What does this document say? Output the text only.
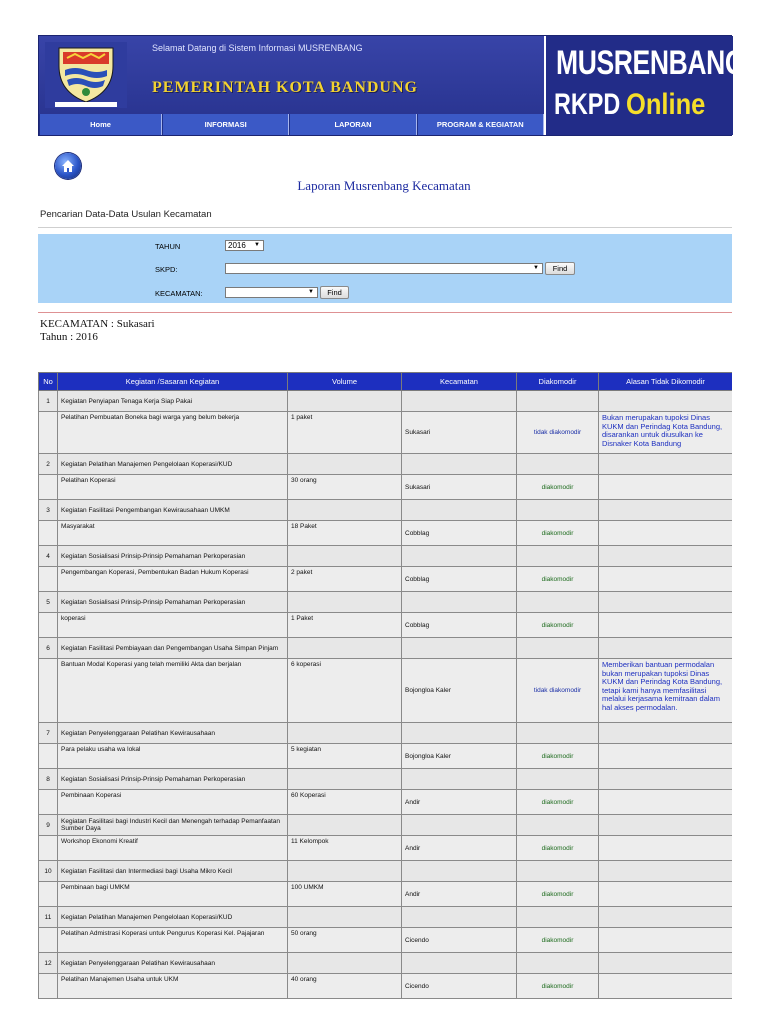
Selamat Datang di Sistem Informasi MUSRENBANG
PEMERINTAH KOTA BANDUNG
MUSRENBANG
RKPD Online
Home	INFORMASI	LAPORAN	PROGRAM & KEGIATAN
Laporan Musrenbang Kecamatan
Pencarian Data-Data Usulan Kecamatan
TAHUN	2016 ▼
SKPD:	▼	Find
KECAMATAN:	▼	Find
KECAMATAN : Sukasari
Tahun : 2016
No	Kegiatan /Sasaran Kegiatan	Volume	Kecamatan	Diakomodir	Alasan Tidak Dikomodir
1	Kegiatan Penyiapan Tenaga Kerja Siap Pakai				
	Pelatihan Pembuatan Boneka bagi warga yang belum bekerja	1 paket	Sukasari	tidak diakomodir	Bukan merupakan tupoksi Dinas KUKM dan Perindag Kota Bandung, disarankan untuk diusulkan ke Disnaker Kota Bandung
2	Kegiatan Pelatihan Manajemen Pengelolaan Koperasi/KUD				
	Pelatihan Koperasi	30 orang	Sukasari	diakomodir	
3	Kegiatan Fasilitasi Pengembangan Kewirausahaan UMKM				
	Masyarakat	18 Paket	Cobblag	diakomodir	
4	Kegiatan Sosialisasi Prinsip-Prinsip Pemahaman Perkoperasian				
	Pengembangan Koperasi, Pembentukan Badan Hukum Koperasi	2 paket	Cobblag	diakomodir	
5	Kegiatan Sosialisasi Prinsip-Prinsip Pemahaman Perkoperasian				
	koperasi	1 Paket	Cobblag	diakomodir	
6	Kegiatan Fasilitasi Pembiayaan dan Pengembangan Usaha Simpan Pinjam				
	Bantuan Modal Koperasi yang telah memiliki Akta dan berjalan	6 koperasi	Bojongloa Kaler	tidak diakomodir	Memberikan bantuan permodalan bukan merupakan tupoksi Dinas KUKM dan Perindag Kota Bandung, tetapi kami hanya memfasilitasi melalui kerjasama kemitraan dalam hal akses permodalan.
7	Kegiatan Penyelenggaraan Pelatihan Kewirausahaan				
	Para pelaku usaha wa lokal	5 kegiatan	Bojongloa Kaler	diakomodir	
8	Kegiatan Sosialisasi Prinsip-Prinsip Pemahaman Perkoperasian				
	Pembinaan Koperasi	60 Koperasi	Andir	diakomodir	
9	Kegiatan Fasilitasi bagi Industri Kecil dan Menengah terhadap Pemanfaatan Sumber Daya				
	Workshop Ekonomi Kreatif	11 Kelompok	Andir	diakomodir	
10	Kegiatan Fasilitasi dan Intermediasi bagi Usaha Mikro Kecil				
	Pembinaan bagi UMKM	100 UMKM	Andir	diakomodir	
11	Kegiatan Pelatihan Manajemen Pengelolaan Koperasi/KUD				
	Pelatihan Admistrasi Koperasi untuk Pengurus Koperasi Kel. Pajajaran	50 orang	Cicendo	diakomodir	
12	Kegiatan Penyelenggaraan Pelatihan Kewirausahaan				
	Pelatihan Manajemen Usaha untuk UKM	40 orang	Cicendo	diakomodir	
